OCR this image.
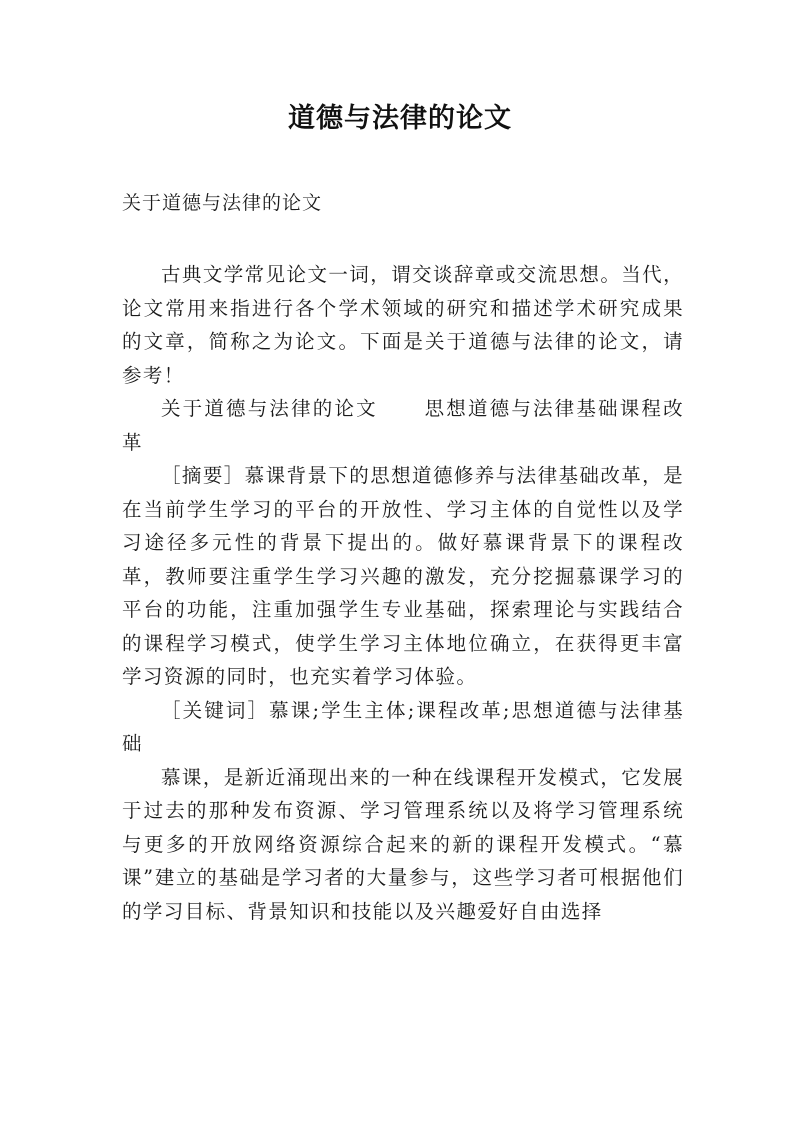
道德与法律的论文
关于道德与法律的论文

古典文学常见论文一词，谓交谈辞章或交流思想。当代，论文常用来指进行各个学术领域的研究和描述学术研究成果的文章，简称之为论文。下面是关于道德与法律的论文，请参考！

关于道德与法律的论文 思想道德与法律基础课程改革

［摘要］慕课背景下的思想道德修养与法律基础改革，是在当前学生学习的平台的开放性、学习主体的自觉性以及学习途径多元性的背景下提出的。做好慕课背景下的课程改革，教师要注重学生学习兴趣的激发，充分挖掘慕课学习的平台的功能，注重加强学生专业基础，探索理论与实践结合的课程学习模式，使学生学习主体地位确立，在获得更丰富学习资源的同时，也充实着学习体验。

［关键词］慕课;学生主体;课程改革;思想道德与法律基础

慕课，是新近涌现出来的一种在线课程开发模式，它发展于过去的那种发布资源、学习管理系统以及将学习管理系统与更多的开放网络资源综合起来的新的课程开发模式。“慕课”建立的基础是学习者的大量参与，这些学习者可根据他们的学习目标、背景知识和技能以及兴趣爱好自由选择
